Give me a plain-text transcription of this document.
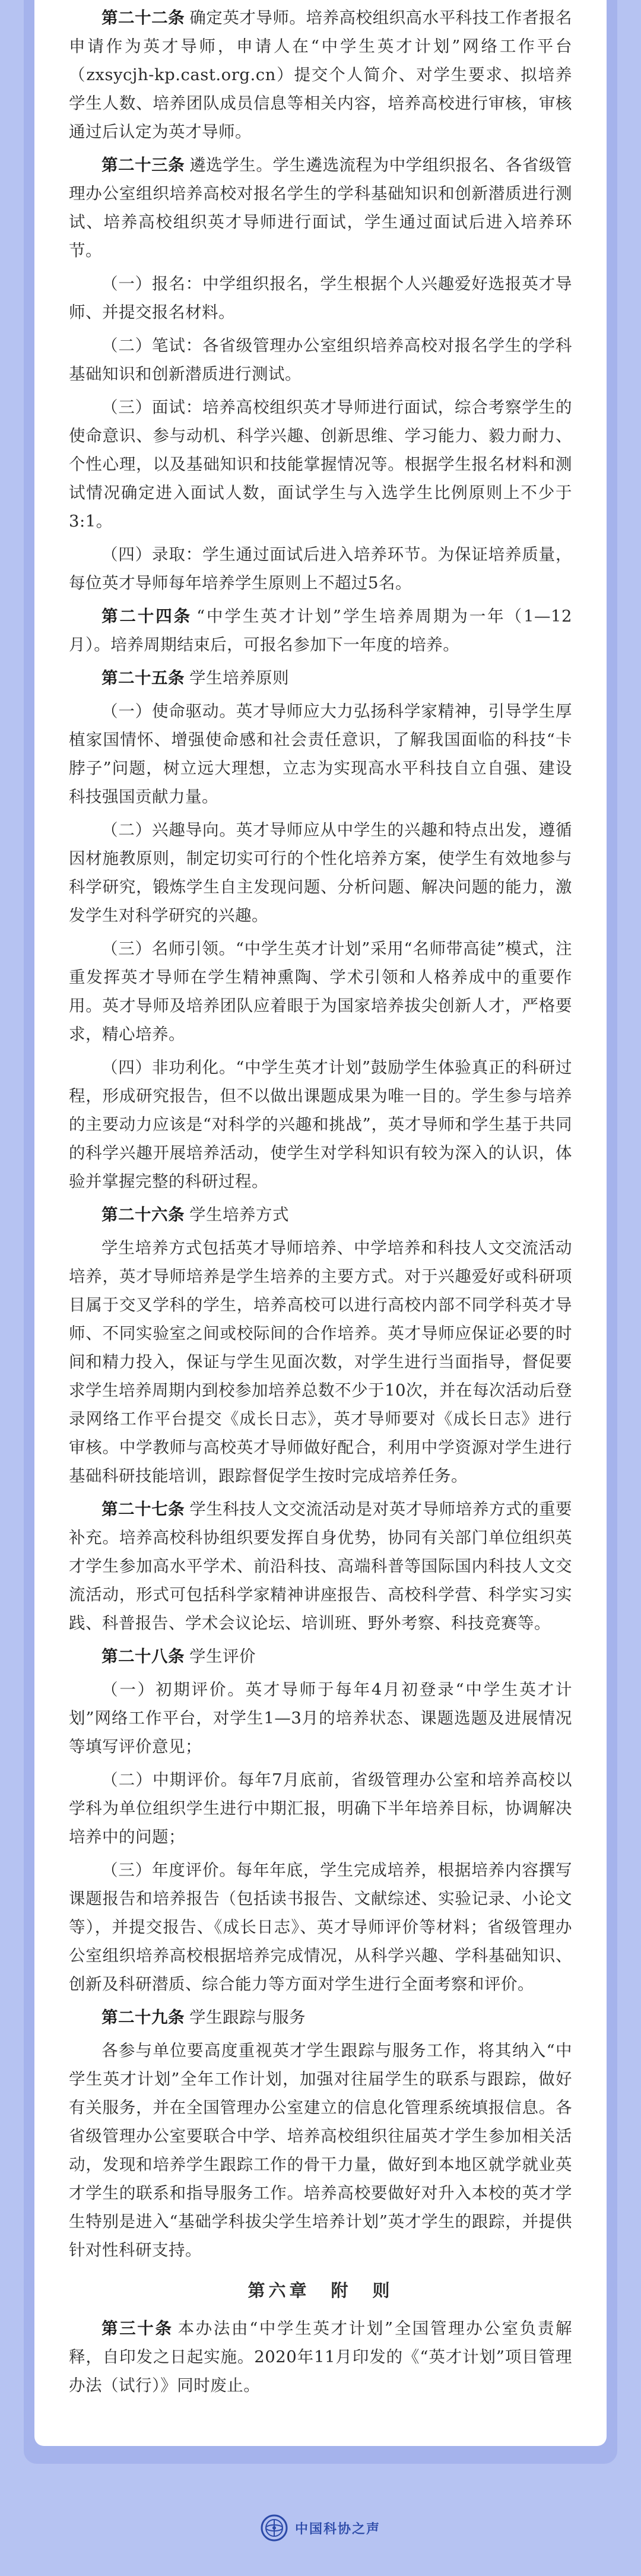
第二十二条 确定英才导师。培养高校组织高水平科技工作者报名申请作为英才导师，申请人在“中学生英才计划”网络工作平台（zxsycjh-kp.cast.org.cn）提交个人简介、对学生要求、拟培养学生人数、培养团队成员信息等相关内容，培养高校进行审核，审核通过后认定为英才导师。

第二十三条 遴选学生。学生遴选流程为中学组织报名、各省级管理办公室组织培养高校对报名学生的学科基础知识和创新潜质进行测试、培养高校组织英才导师进行面试，学生通过面试后进入培养环节。

（一）报名：中学组织报名，学生根据个人兴趣爱好选报英才导师、并提交报名材料。

（二）笔试：各省级管理办公室组织培养高校对报名学生的学科基础知识和创新潜质进行测试。

（三）面试：培养高校组织英才导师进行面试，综合考察学生的使命意识、参与动机、科学兴趣、创新思维、学习能力、毅力耐力、个性心理，以及基础知识和技能掌握情况等。根据学生报名材料和测试情况确定进入面试人数，面试学生与入选学生比例原则上不少于3:1。

（四）录取：学生通过面试后进入培养环节。为保证培养质量，每位英才导师每年培养学生原则上不超过5名。

第二十四条 “中学生英才计划”学生培养周期为一年（1—12月）。培养周期结束后，可报名参加下一年度的培养。

第二十五条 学生培养原则

（一）使命驱动。英才导师应大力弘扬科学家精神，引导学生厚植家国情怀、增强使命感和社会责任意识，了解我国面临的科技“卡脖子”问题，树立远大理想，立志为实现高水平科技自立自强、建设科技强国贡献力量。

（二）兴趣导向。英才导师应从中学生的兴趣和特点出发，遵循因材施教原则，制定切实可行的个性化培养方案，使学生有效地参与科学研究，锻炼学生自主发现问题、分析问题、解决问题的能力，激发学生对科学研究的兴趣。

（三）名师引领。“中学生英才计划”采用“名师带高徒”模式，注重发挥英才导师在学生精神熏陶、学术引领和人格养成中的重要作用。英才导师及培养团队应着眼于为国家培养拔尖创新人才，严格要求，精心培养。

（四）非功利化。“中学生英才计划”鼓励学生体验真正的科研过程，形成研究报告，但不以做出课题成果为唯一目的。学生参与培养的主要动力应该是“对科学的兴趣和挑战”，英才导师和学生基于共同的科学兴趣开展培养活动，使学生对学科知识有较为深入的认识，体验并掌握完整的科研过程。

第二十六条 学生培养方式

学生培养方式包括英才导师培养、中学培养和科技人文交流活动培养，英才导师培养是学生培养的主要方式。对于兴趣爱好或科研项目属于交叉学科的学生，培养高校可以进行高校内部不同学科英才导师、不同实验室之间或校际间的合作培养。英才导师应保证必要的时间和精力投入，保证与学生见面次数，对学生进行当面指导，督促要求学生培养周期内到校参加培养总数不少于10次，并在每次活动后登录网络工作平台提交《成长日志》，英才导师要对《成长日志》进行审核。中学教师与高校英才导师做好配合，利用中学资源对学生进行基础科研技能培训，跟踪督促学生按时完成培养任务。

第二十七条 学生科技人文交流活动是对英才导师培养方式的重要补充。培养高校科协组织要发挥自身优势，协同有关部门单位组织英才学生参加高水平学术、前沿科技、高端科普等国际国内科技人文交流活动，形式可包括科学家精神讲座报告、高校科学营、科学实习实践、科普报告、学术会议论坛、培训班、野外考察、科技竞赛等。

第二十八条 学生评价

（一）初期评价。英才导师于每年4月初登录“中学生英才计划”网络工作平台，对学生1—3月的培养状态、课题选题及进展情况等填写评价意见；

（二）中期评价。每年7月底前，省级管理办公室和培养高校以学科为单位组织学生进行中期汇报，明确下半年培养目标，协调解决培养中的问题；

（三）年度评价。每年年底，学生完成培养，根据培养内容撰写课题报告和培养报告（包括读书报告、文献综述、实验记录、小论文等），并提交报告、《成长日志》、英才导师评价等材料；省级管理办公室组织培养高校根据培养完成情况，从科学兴趣、学科基础知识、创新及科研潜质、综合能力等方面对学生进行全面考察和评价。

第二十九条 学生跟踪与服务

各参与单位要高度重视英才学生跟踪与服务工作，将其纳入“中学生英才计划”全年工作计划，加强对往届学生的联系与跟踪，做好有关服务，并在全国管理办公室建立的信息化管理系统填报信息。各省级管理办公室要联合中学、培养高校组织往届英才学生参加相关活动，发现和培养学生跟踪工作的骨干力量，做好到本地区就学就业英才学生的联系和指导服务工作。培养高校要做好对升入本校的英才学生特别是进入“基础学科拔尖学生培养计划”英才学生的跟踪，并提供针对性科研支持。

第六章　附　则

第三十条 本办法由“中学生英才计划”全国管理办公室负责解释，自印发之日起实施。2020年11月印发的《“英才计划”项目管理办法（试行）》同时废止。

中国科协之声
